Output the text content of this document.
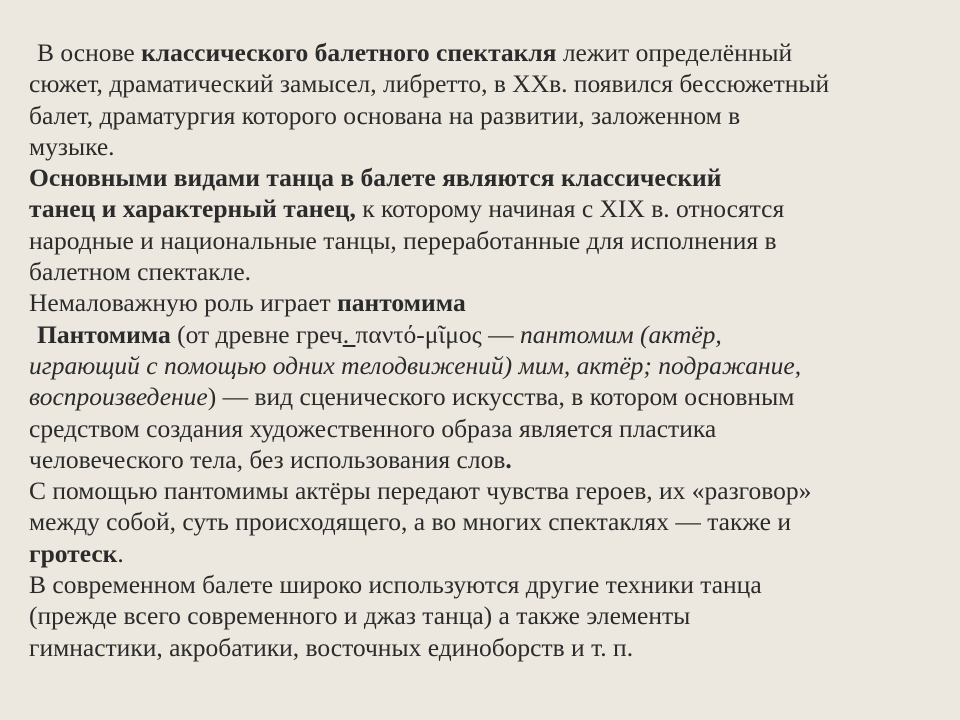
В основе классического балетного спектакля лежит определённый
сюжет, драматический замысел, либретто, в XXв. появился бессюжетный
балет, драматургия которого основана на развитии, заложенном в
музыке.
Основными видами танца в балете являются классический
танец и характерный танец, к которому начиная с XIX в. относятся
народные и национальные танцы, переработанные для исполнения в
балетном спектакле.
Немаловажную роль играет пантомима
Пантомима (от древне греч. παντό-μῖμος — пантомим (актёр,
играющий с помощью одних телодвижений) мим, актёр; подражание,
воспроизведение) — вид сценического искусства, в котором основным
средством создания художественного образа является пластика
человеческого тела, без использования слов.
С помощью пантомимы актёры передают чувства героев, их «разговор»
между собой, суть происходящего, а во многих спектаклях — также и
гротеск.
В современном балете широко используются другие техники танца
(прежде всего современного и джаз танца) а также элементы
гимнастики, акробатики, восточных единоборств и т. п.
